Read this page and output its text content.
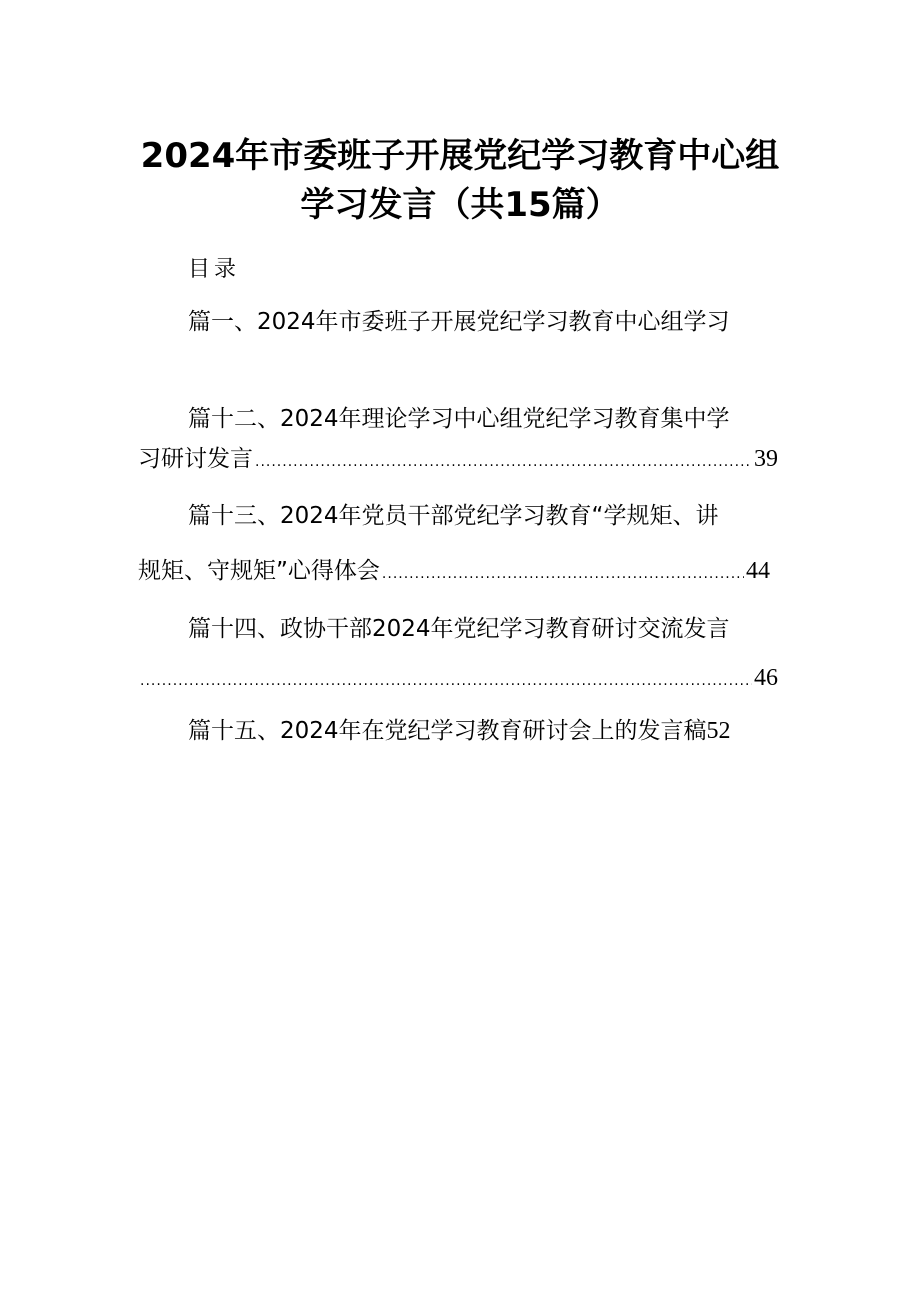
2024年市委班子开展党纪学习教育中心组
学习发言（共15篇）
目录
篇一、2024年市委班子开展党纪学习教育中心组学习
篇十二、2024年理论学习中心组党纪学习教育集中学
习研讨发言 .....	39
篇十三、2024年党员干部党纪学习教育“学规矩、讲
规矩、守规矩”心得体会 .....	44
篇十四、政协干部2024年党纪学习教育研讨交流发言
.....
46
篇十五、2024年在党纪学习教育研讨会上的发言稿 52
